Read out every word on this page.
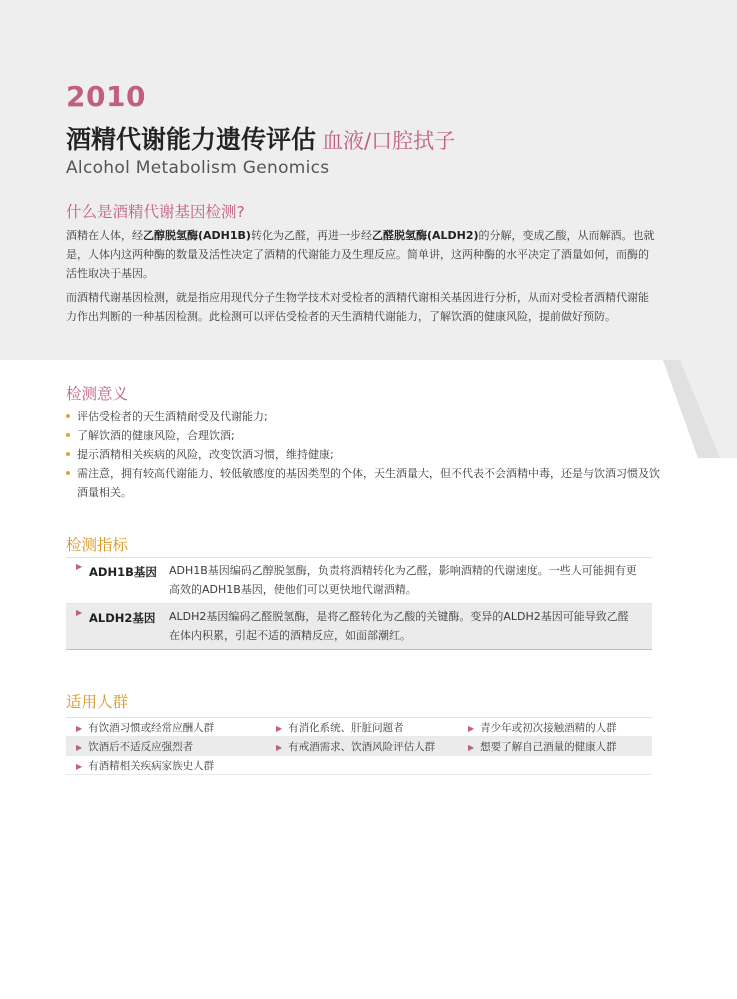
2010
酒精代谢能力遗传评估 血液/口腔拭子
Alcohol Metabolism Genomics
什么是酒精代谢基因检测?

酒精在人体，经乙醇脱氢酶(ADH1B)转化为乙醛，再进一步经乙醛脱氢酶(ALDH2)的分解，变成乙酸，从而解酒。也就是，人体内这两种酶的数量及活性决定了酒精的代谢能力及生理反应。简单讲，这两种酶的水平决定了酒量如何，而酶的活性取决于基因。

而酒精代谢基因检测，就是指应用现代分子生物学技术对受检者的酒精代谢相关基因进行分析，从而对受检者酒精代谢能力作出判断的一种基因检测。此检测可以评估受检者的天生酒精代谢能力，了解饮酒的健康风险，提前做好预防。

检测意义
评估受检者的天生酒精耐受及代谢能力;
了解饮酒的健康风险，合理饮酒;
提示酒精相关疾病的风险，改变饮酒习惯，维持健康;
需注意，拥有较高代谢能力、较低敏感度的基因类型的个体，天生酒量大，但不代表不会酒精中毒，还是与饮酒习惯及饮酒量相关。
检测指标
▶ ADH1B基因 ADH1B基因编码乙醇脱氢酶，负责将酒精转化为乙醛，影响酒精的代谢速度。一些人可能拥有更高效的ADH1B基因，使他们可以更快地代谢酒精。
▶ ALDH2基因 ALDH2基因编码乙醛脱氢酶，是将乙醛转化为乙酸的关键酶。变异的ALDH2基因可能导致乙醛在体内积累，引起不适的酒精反应，如面部潮红。
适用人群
▶ 有饮酒习惯或经常应酬人群	▶ 有消化系统、肝脏问题者	▶ 青少年或初次接触酒精的人群
▶ 饮酒后不适反应强烈者	▶ 有戒酒需求、饮酒风险评估人群	▶ 想要了解自己酒量的健康人群
▶ 有酒精相关疾病家族史人群
